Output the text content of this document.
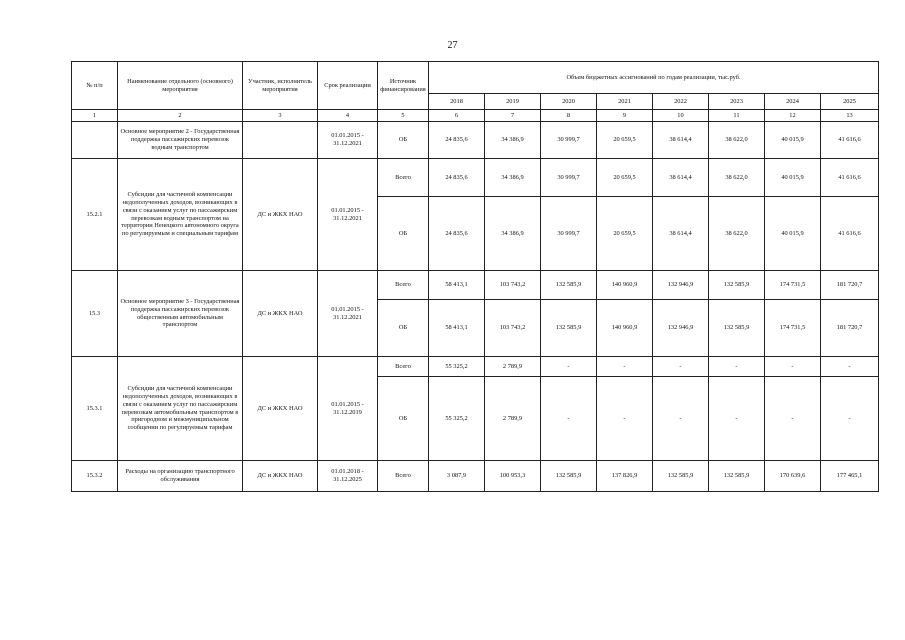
27
№ п/п	Наименование отдельного (основного) мероприятия	Участник, исполнитель мероприятия	Срок реализации	Источник финансирования	Объем бюджетных ассигнований по годам реализации, тыс.руб.							
					2018	2019	2020	2021	2022	2023	2024	2025
1	2	3	4	5	6	7	8	9	10	11	12	13
	Основное мероприятие 2 - Государственная поддержка пассажирских перевозок водным транспортом		01.01.2015 - 31.12.2021	ОБ	24 835,6	34 386,9	30 999,7	20 659,5	38 614,4	38 622,0	40 015,9	41 616,6
15.2.1	Субсидии для частичной компенсации недополученных доходов, возникающих в связи с оказанием услуг по пассажирским перевозкам водным транспортом на территории Ненецкого автономного округа по регулируемым и специальным тарифам	ДС и ЖКХ НАО	01.01.2015 - 31.12.2021	Всего	24 835,6	34 386,9	30 999,7	20 659,5	38 614,4	38 622,0	40 015,9	41 616,6
				ОБ	24 835,6	34 386,9	30 999,7	20 659,5	38 614,4	38 622,0	40 015,9	41 616,6
15.3	Основное мероприятие 3 - Государственная поддержка пассажирских перевозок общественным автомобильным транспортом	ДС и ЖКХ НАО	01.01.2015 - 31.12.2021	Всего	58 413,1	103 743,2	132 585,9	140 960,9	132 946,9	132 585,9	174 731,5	181 720,7
				ОБ	58 413,1	103 743,2	132 585,9	140 960,9	132 946,9	132 585,9	174 731,5	181 720,7
15.3.1	Субсидии для частичной компенсации недополученных доходов, возникающих в связи с оказанием услуг по пассажирским перевозкам автомобильным транспортом в пригородном и межмуниципальном сообщении по регулируемым тарифам	ДС и ЖКХ НАО	01.01.2015 - 31.12.2019	Всего	55 325,2	2 789,9	-	-	-	-	-	-
				ОБ	55 325,2	2 789,9	-	-	-	-	-	-
15.3.2	Расходы на организацию транспортного обслуживания	ДС и ЖКХ НАО	01.01.2018 - 31.12.2025	Всего	3 087,9	100 953,3	132 585,9	137 826,9	132 585,9	132 585,9	170 639,6	177 465,1
